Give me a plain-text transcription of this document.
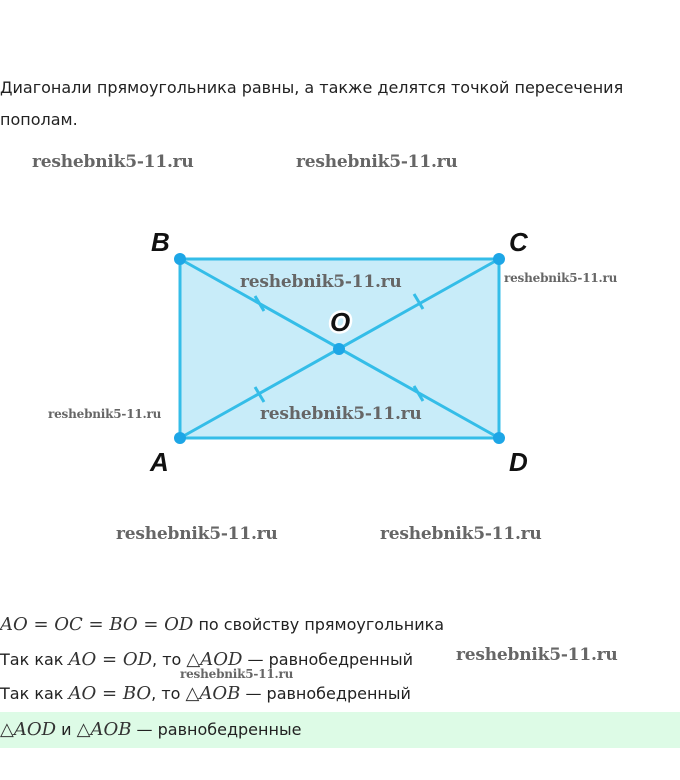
Диагонали прямоугольника равны, а также делятся точкой пересечения пополам.
reshebnik5-11.ru	reshebnik5-11.ru
B	C
A	D
O
reshebnik5-11.ru	reshebnik5-11.ru
reshebnik5-11.ru	reshebnik5-11.ru
reshebnik5-11.ru	reshebnik5-11.ru
AO = OC = BO = OD по свойству прямоугольника
Так как AO = OD, то △AOD — равнобедренный	reshebnik5-11.ru
reshebnik5-11.ru
Так как AO = BO, то △AOB — равнобедренный
△AOD и △AOB — равнобедренные
